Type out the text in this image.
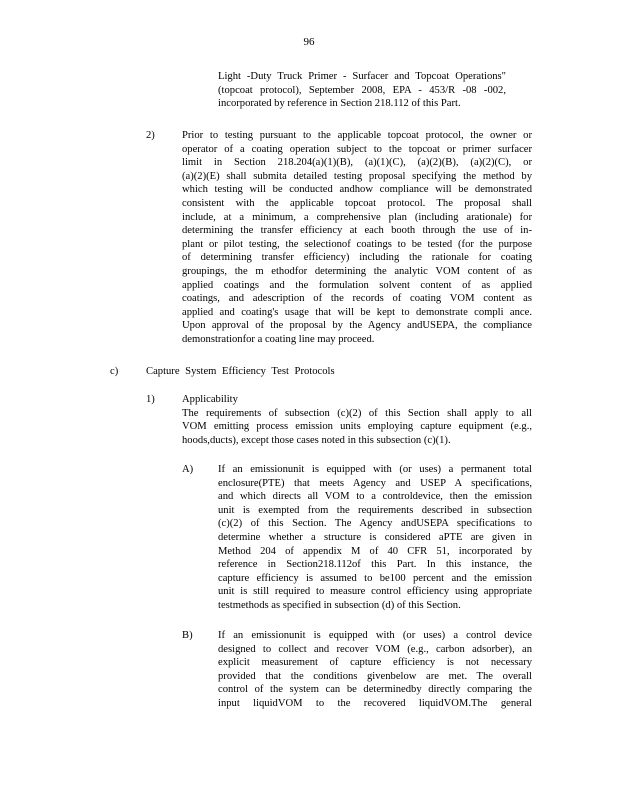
96
Light -Duty Truck Primer - Surfacer and Topcoat Operations"
(topcoat protocol), September 2008, EPA - 453/R -08 -002,
incorporated by reference in Section 218.112 of this Part.
2)	Prior to testing pursuant to the applicable topcoat protocol, the owner or
operator of a coating operation subject to the topcoat or primer surfacer
limit in Section 218.204(a)(1)(B), (a)(1)(C), (a)(2)(B), (a)(2)(C), or
(a)(2)(E) shall submita detailed testing proposal specifying the method by
which testing will be conducted andhow compliance will be demonstrated
consistent with the applicable topcoat protocol. The proposal shall
include, at a minimum, a comprehensive plan (including arationale) for
determining the transfer efficiency at each booth through the use of in-
plant or pilot testing, the selectionof coatings to be tested (for the purpose
of determining transfer efficiency) including the rationale for coating
groupings, the m ethodfor determining the analytic VOM content of as
applied coatings and the formulation solvent content of as applied
coatings, and adescription of the records of coating VOM content as
applied and coating's usage that will be kept to demonstrate compli ance.
Upon approval of the proposal by the Agency andUSEPA, the compliance
demonstrationfor a coating line may proceed.
c)	Capture System Efficiency Test Protocols
1)	Applicability
The requirements of subsection (c)(2) of this Section shall apply to all
VOM emitting process emission units employing capture equipment (e.g.,
hoods,ducts), except those cases noted in this subsection (c)(1).
A) If an emissionunit is equipped with (or uses) a permanent total
enclosure(PTE) that meets Agency and USEP A specifications,
and which directs all VOM to a controldevice, then the emission
unit is exempted from the requirements described in subsection
(c)(2) of this Section. The Agency andUSEPA specifications to
determine whether a structure is considered aPTE are given in
Method 204 of appendix M of 40 CFR 51, incorporated by
reference in Section218.112of this Part. In this instance, the
capture efficiency is assumed to be100 percent and the emission
unit is still required to measure control efficiency using appropriate
testmethods as specified in subsection (d) of this Section.
B) If an emissionunit is equipped with (or uses) a control device
designed to collect and recover VOM (e.g., carbon adsorber), an
explicit measurement of capture efficiency is not necessary
provided that the conditions givenbelow are met. The overall
control of the system can be determinedby directly comparing the
input liquidVOM to the recovered liquidVOM.The general
